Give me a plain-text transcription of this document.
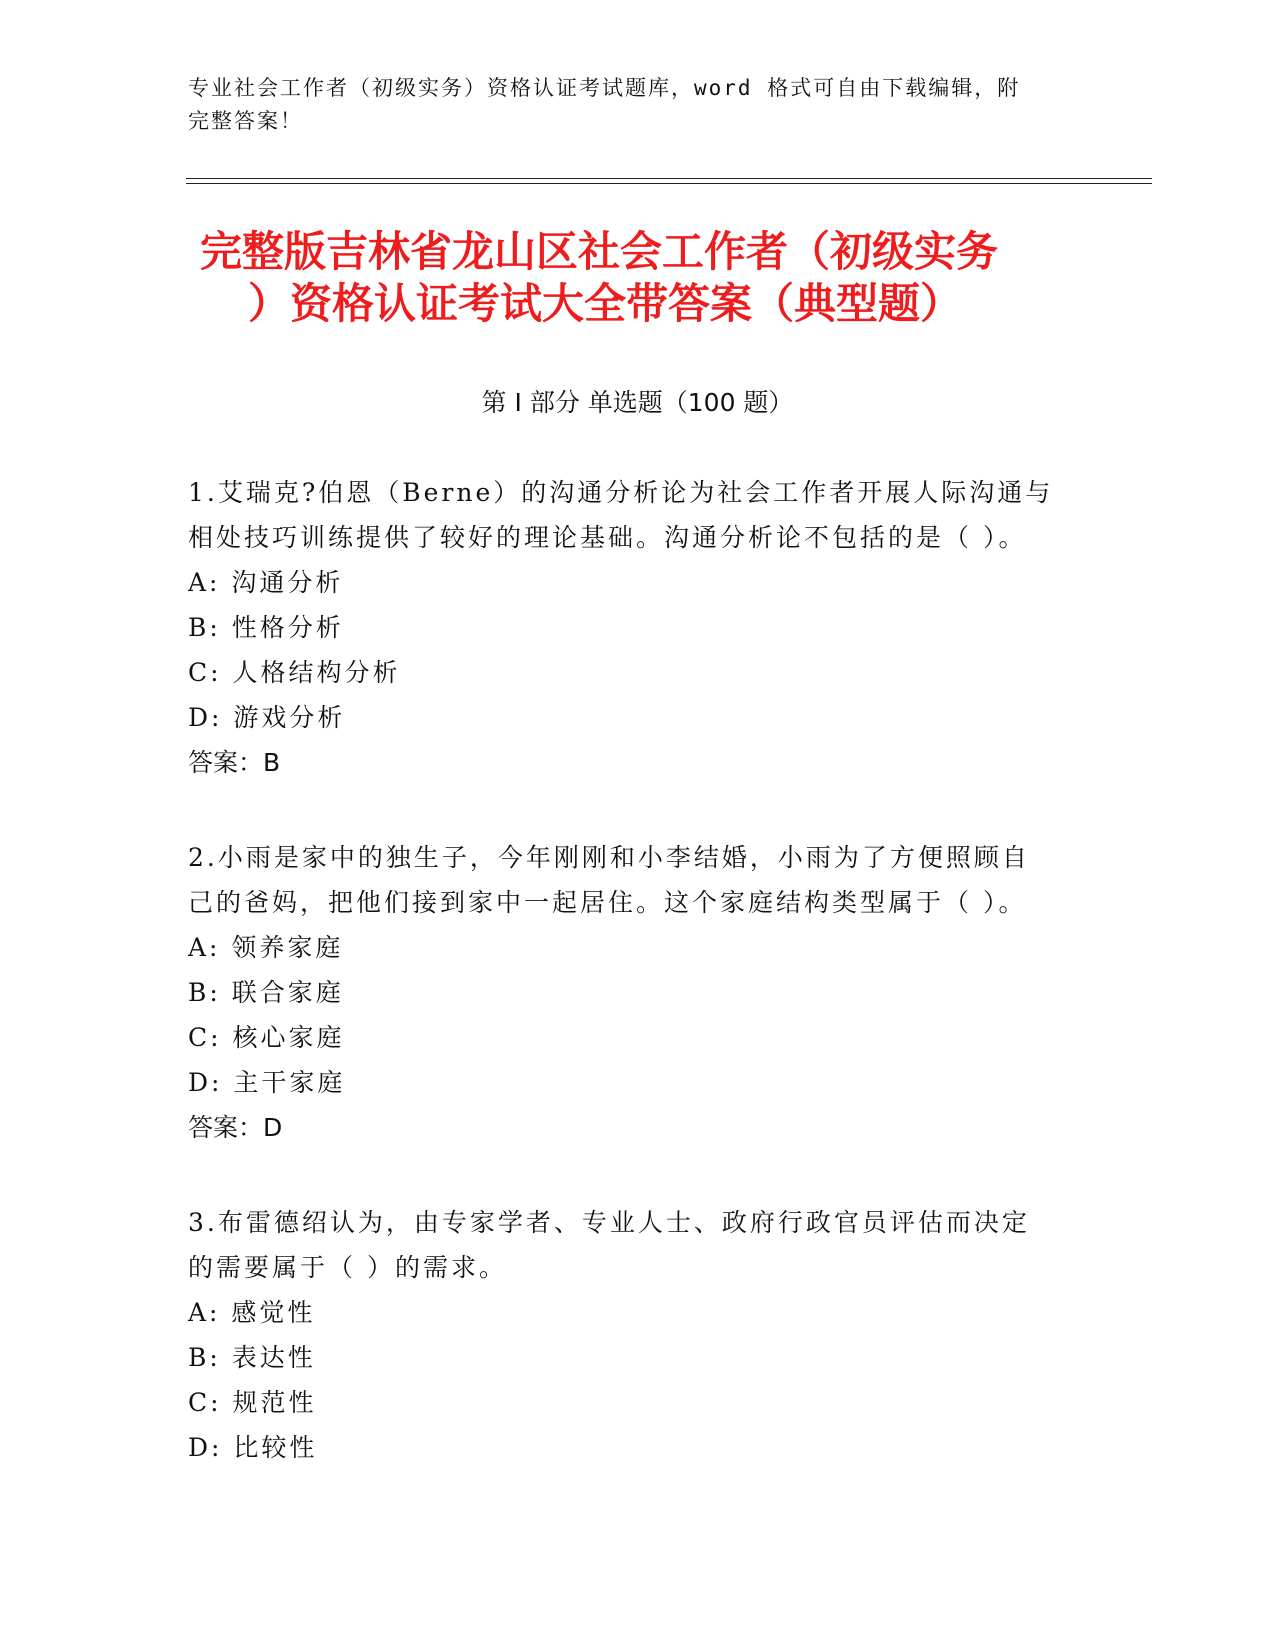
专业社会工作者（初级实务）资格认证考试题库，word 格式可自由下载编辑，附
完整答案！
完整版吉林省龙山区社会工作者（初级实务
）资格认证考试大全带答案（典型题）
第 I 部分 单选题（100 题）
1.艾瑞克?伯恩（Berne）的沟通分析论为社会工作者开展人际沟通与
相处技巧训练提供了较好的理论基础。沟通分析论不包括的是（ ）。
A: 沟通分析
B: 性格分析
C: 人格结构分析
D: 游戏分析
答案：B
2.小雨是家中的独生子，今年刚刚和小李结婚，小雨为了方便照顾自
己的爸妈，把他们接到家中一起居住。这个家庭结构类型属于（ ）。
A: 领养家庭
B: 联合家庭
C: 核心家庭
D: 主干家庭
答案：D
3.布雷德绍认为，由专家学者、专业人士、政府行政官员评估而决定
的需要属于（ ）的需求。
A: 感觉性
B: 表达性
C: 规范性
D: 比较性
